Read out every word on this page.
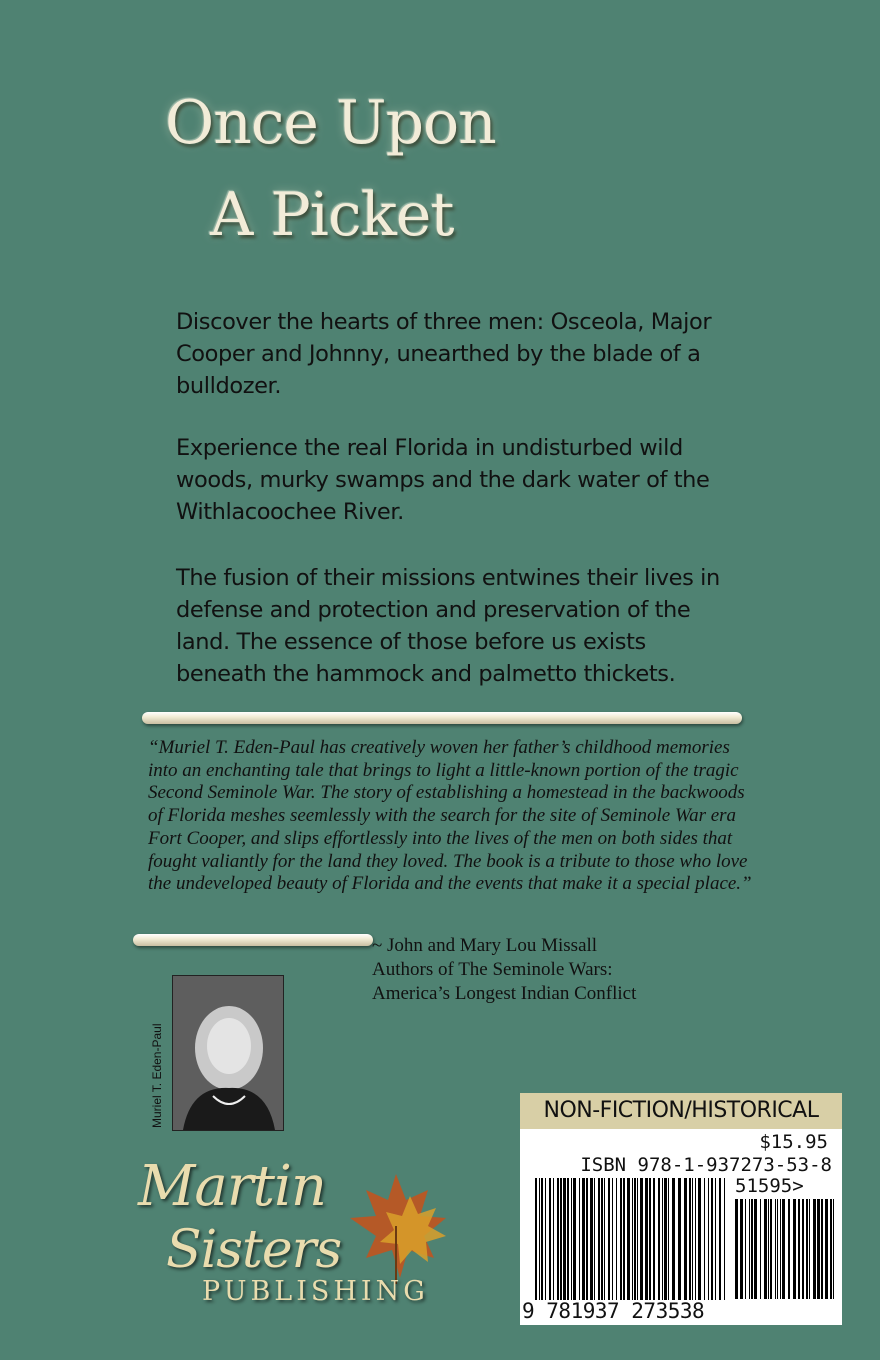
Once Upon
A Picket

Discover the hearts of three men: Osceola, Major Cooper and Johnny, unearthed by the blade of a bulldozer.

Experience the real Florida in undisturbed wild woods, murky swamps and the dark water of the Withlacoochee River.

The fusion of their missions entwines their lives in defense and protection and preservation of the land. The essence of those before us exists beneath the hammock and palmetto thickets.

“Muriel T. Eden-Paul has creatively woven her father’s childhood memories into an enchanting tale that brings to light a little-known portion of the tragic Second Seminole War. The story of establishing a homestead in the backwoods of Florida meshes seemlessly with the search for the site of Seminole War era Fort Cooper, and slips effortlessly into the lives of the men on both sides that fought valiantly for the land they loved. The book is a tribute to those who love the undeveloped beauty of Florida and the events that make it a special place.”

~ John and Mary Lou Missall
Authors of The Seminole Wars:
America’s Longest Indian Conflict
Muriel T. Eden-Paul
Martin
Sisters
PUBLISHING
NON-FICTION/HISTORICAL
$15.95
ISBN 978-1-937273-53-8
51595>
9 781937 273538
